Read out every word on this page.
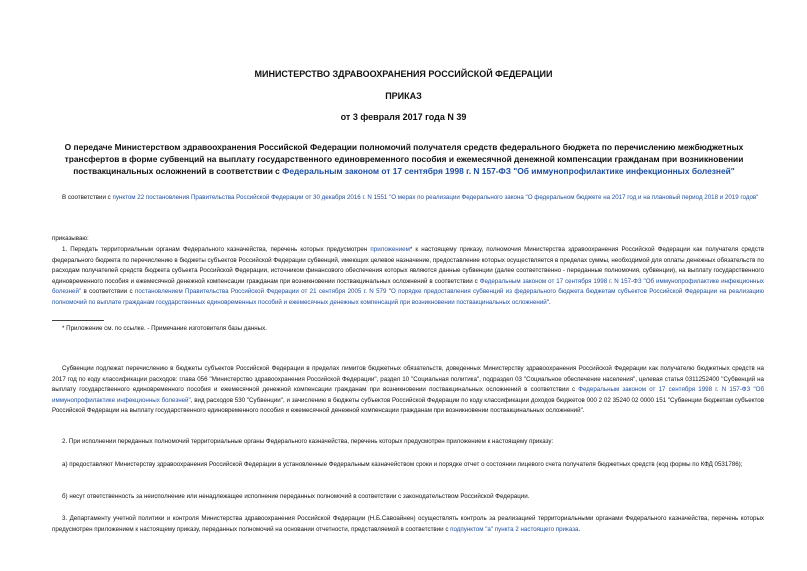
МИНИСТЕРСТВО ЗДРАВООХРАНЕНИЯ РОССИЙСКОЙ ФЕДЕРАЦИИ
ПРИКАЗ
от 3 февраля 2017 года N 39
О передаче Министерством здравоохранения Российской Федерации полномочий получателя средств федерального бюджета по перечислению межбюджетных трансфертов в форме субвенций на выплату государственного единовременного пособия и ежемесячной денежной компенсации гражданам при возникновении поствакцинальных осложнений в соответствии с Федеральным законом от 17 сентября 1998 г. N 157-ФЗ "Об иммунопрофилактике инфекционных болезней"
В соответствии с пунктом 22 постановления Правительства Российской Федерации от 30 декабря 2016 г. N 1551 "О мерах по реализации Федерального закона "О федеральном бюджете на 2017 год и на плановый период 2018 и 2019 годов"
приказываю:
1. Передать территориальным органам Федерального казначейства, перечень которых предусмотрен приложением* к настоящему приказу, полномочия Министерства здравоохранения Российской Федерации как получателя средств федерального бюджета по перечислению в бюджеты субъектов Российской Федерации субвенций, имеющих целевое назначение, предоставление которых осуществляется в пределах суммы, необходимой для оплаты денежных обязательств по расходам получателей средств бюджета субъекта Российской Федерации, источником финансового обеспечения которых являются данные субвенции (далее соответственно - переданные полномочия, субвенции), на выплату государственного единовременного пособия и ежемесячной денежной компенсации гражданам при возникновении поствакцинальных осложнений в соответствии с Федеральным законом от 17 сентября 1998 г. N 157-ФЗ "Об иммунопрофилактике инфекционных болезней" в соответствии с постановлением Правительства Российской Федерации от 21 сентября 2005 г. N 579 "О порядке предоставления субвенций из федерального бюджета бюджетам субъектов Российской Федерации на реализацию полномочий по выплате гражданам государственных единовременных пособий и ежемесячных денежных компенсаций при возникновении поствакцинальных осложнений".
* Приложение см. по ссылке. - Примечание изготовителя базы данных.
Субвенции подлежат перечислению в бюджеты субъектов Российской Федерации в пределах лимитов бюджетных обязательств, доведенных Министерству здравоохранения Российской Федерации как получателю бюджетных средств на 2017 год по коду классификации расходов: глава 056 "Министерство здравоохранения Российской Федерации", раздел 10 "Социальная политика", подраздел 03 "Социальное обеспечение населения", целевая статья 0311252400 "Субвенций на выплату государственного единовременного пособия и ежемесячной денежной компенсации гражданам при возникновении поствакцинальных осложнений в соответствии с Федеральным законом от 17 сентября 1998 г. N 157-ФЗ "Об иммунопрофилактике инфекционных болезней", вид расходов 530 "Субвенции", и зачислению в бюджеты субъектов Российской Федерации по коду классификации доходов бюджетов 000 2 02 35240 02 0000 151 "Субвенции бюджетам субъектов Российской Федерации на выплату государственного единовременного пособия и ежемесячной денежной компенсации гражданам при возникновении поствакцинальных осложнений".
2. При исполнении переданных полномочий территориальные органы Федерального казначейства, перечень которых предусмотрен приложением к настоящему приказу:
а) предоставляют Министерству здравоохранения Российской Федерации в установленные Федеральным казначейством сроки и порядке отчет о состоянии лицевого счета получателя бюджетных средств (код формы по КФД 0531786);
б) несут ответственность за неисполнение или ненадлежащее исполнение переданных полномочий в соответствии с законодательством Российской Федерации.
3. Департаменту учетной политики и контроля Министерства здравоохранения Российской Федерации (Н.Б.Савоайнен) осуществлять контроль за реализацией территориальными органами Федерального казначейства, перечень которых предусмотрен приложением к настоящему приказу, переданных полномочий на основании отчетности, представляемой в соответствии с подпунктом "а" пункта 2 настоящего приказа.
